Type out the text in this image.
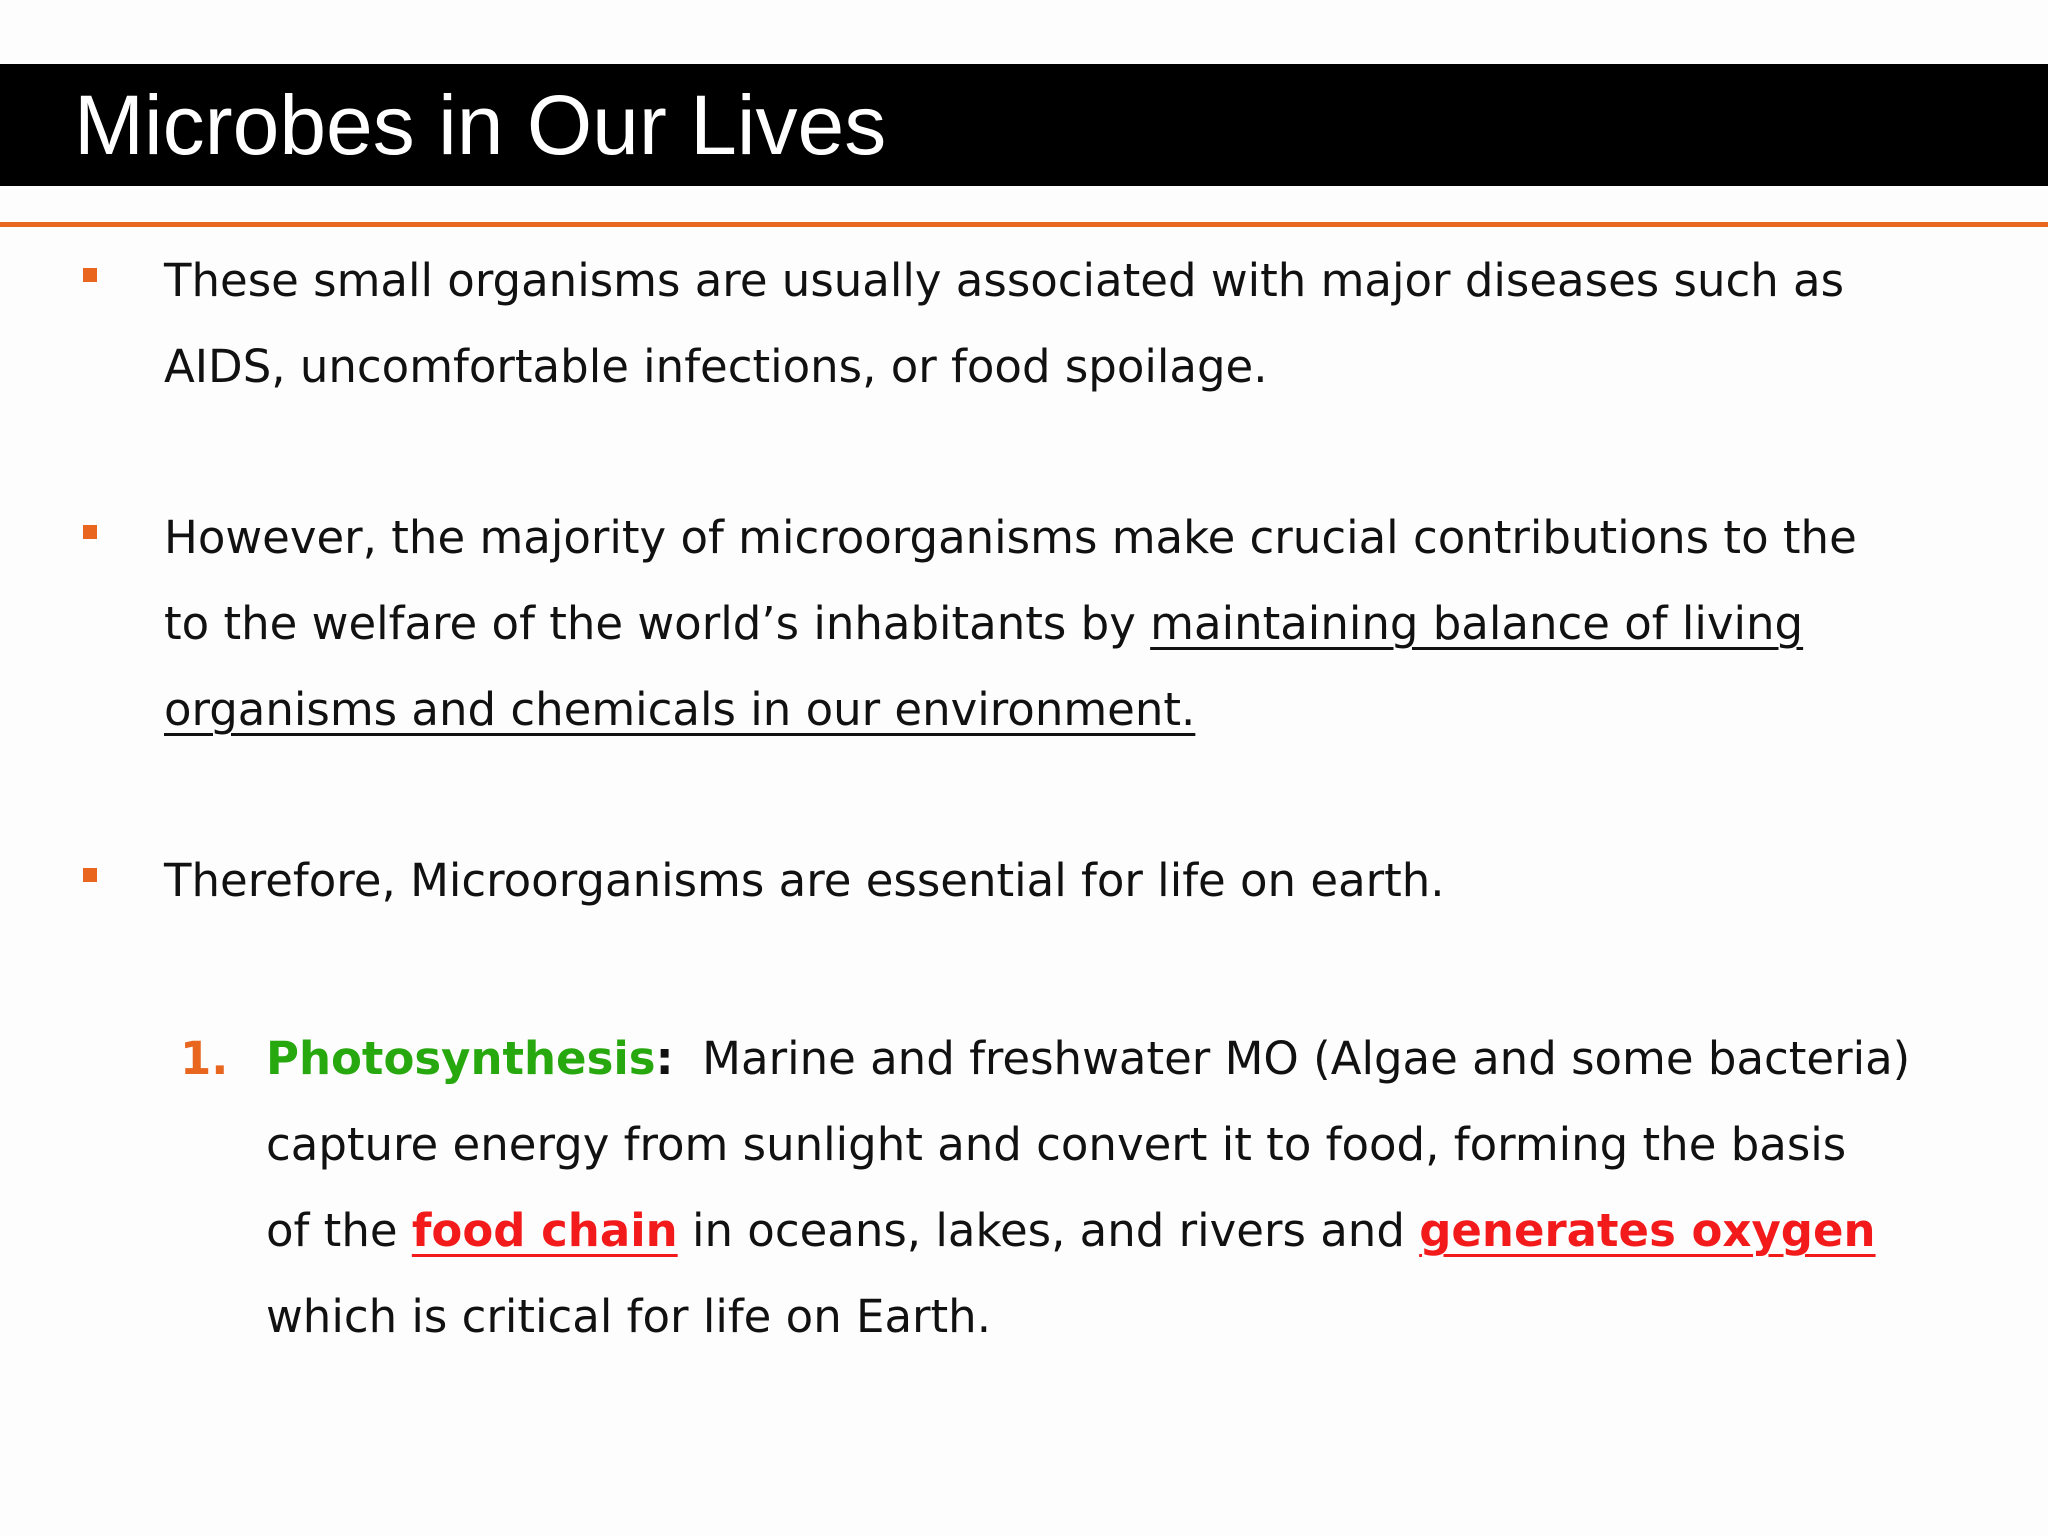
Microbes in Our Lives
These small organisms are usually associated with major diseases such as
AIDS, uncomfortable infections, or food spoilage.
However, the majority of microorganisms make crucial contributions to the
to the welfare of the world’s inhabitants by maintaining balance of living
organisms and chemicals in our environment.
Therefore, Microorganisms are essential for life on earth.
1. Photosynthesis:  Marine and freshwater MO (Algae and some bacteria)
capture energy from sunlight and convert it to food, forming the basis
of the food chain in oceans, lakes, and rivers and generates oxygen
which is critical for life on Earth.
